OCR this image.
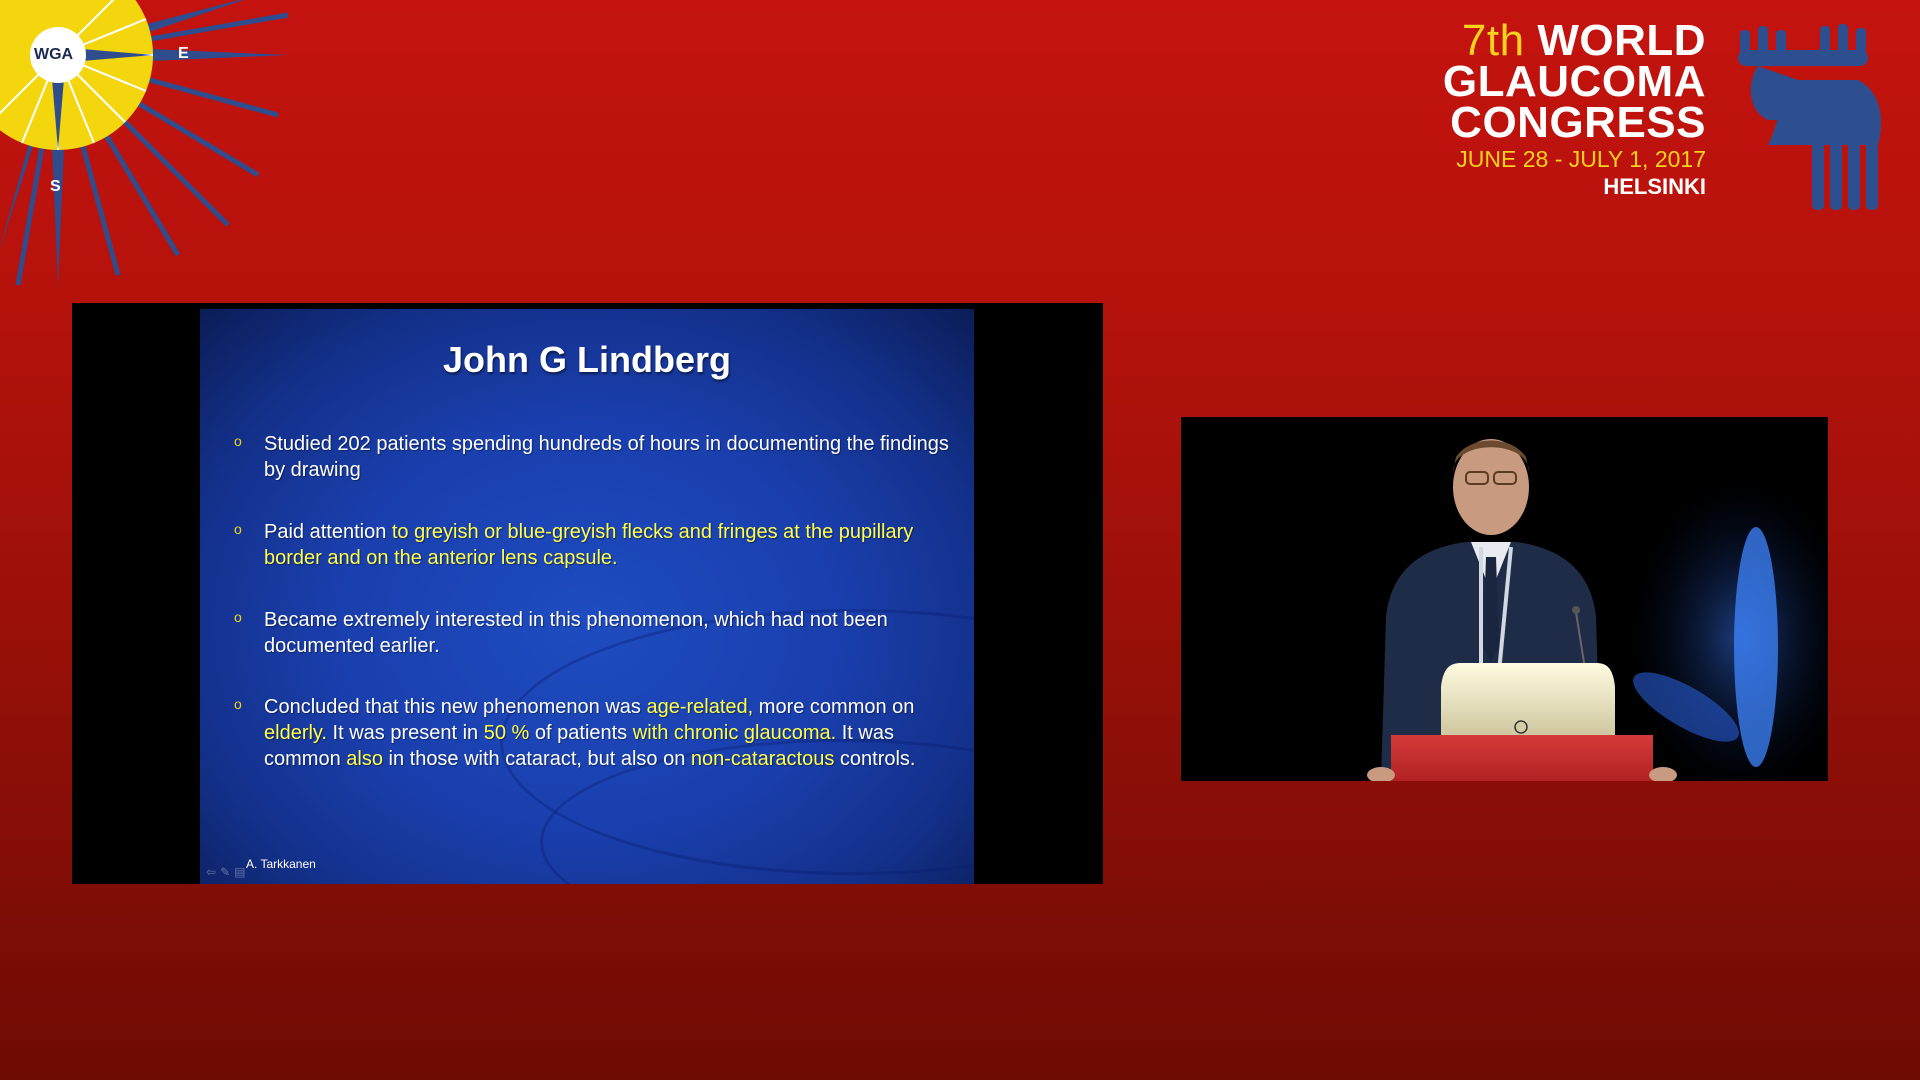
WGA	E
S
7th WORLD
GLAUCOMA
CONGRESS
JUNE 28 - JULY 1, 2017
HELSINKI
John G Lindberg
o Studied 202 patients spending hundreds of hours in documenting the findings by drawing
o Paid attention to greyish or blue-greyish flecks and fringes at the pupillary border and on the anterior lens capsule.
o Became extremely interested in this phenomenon, which had not been documented earlier.
o Concluded that this new phenomenon was age-related, more common on elderly. It was present in 50 % of patients with chronic glaucoma. It was common also in those with cataract, but also on non-cataractous controls.
⇦✎▤
A. Tarkkanen
